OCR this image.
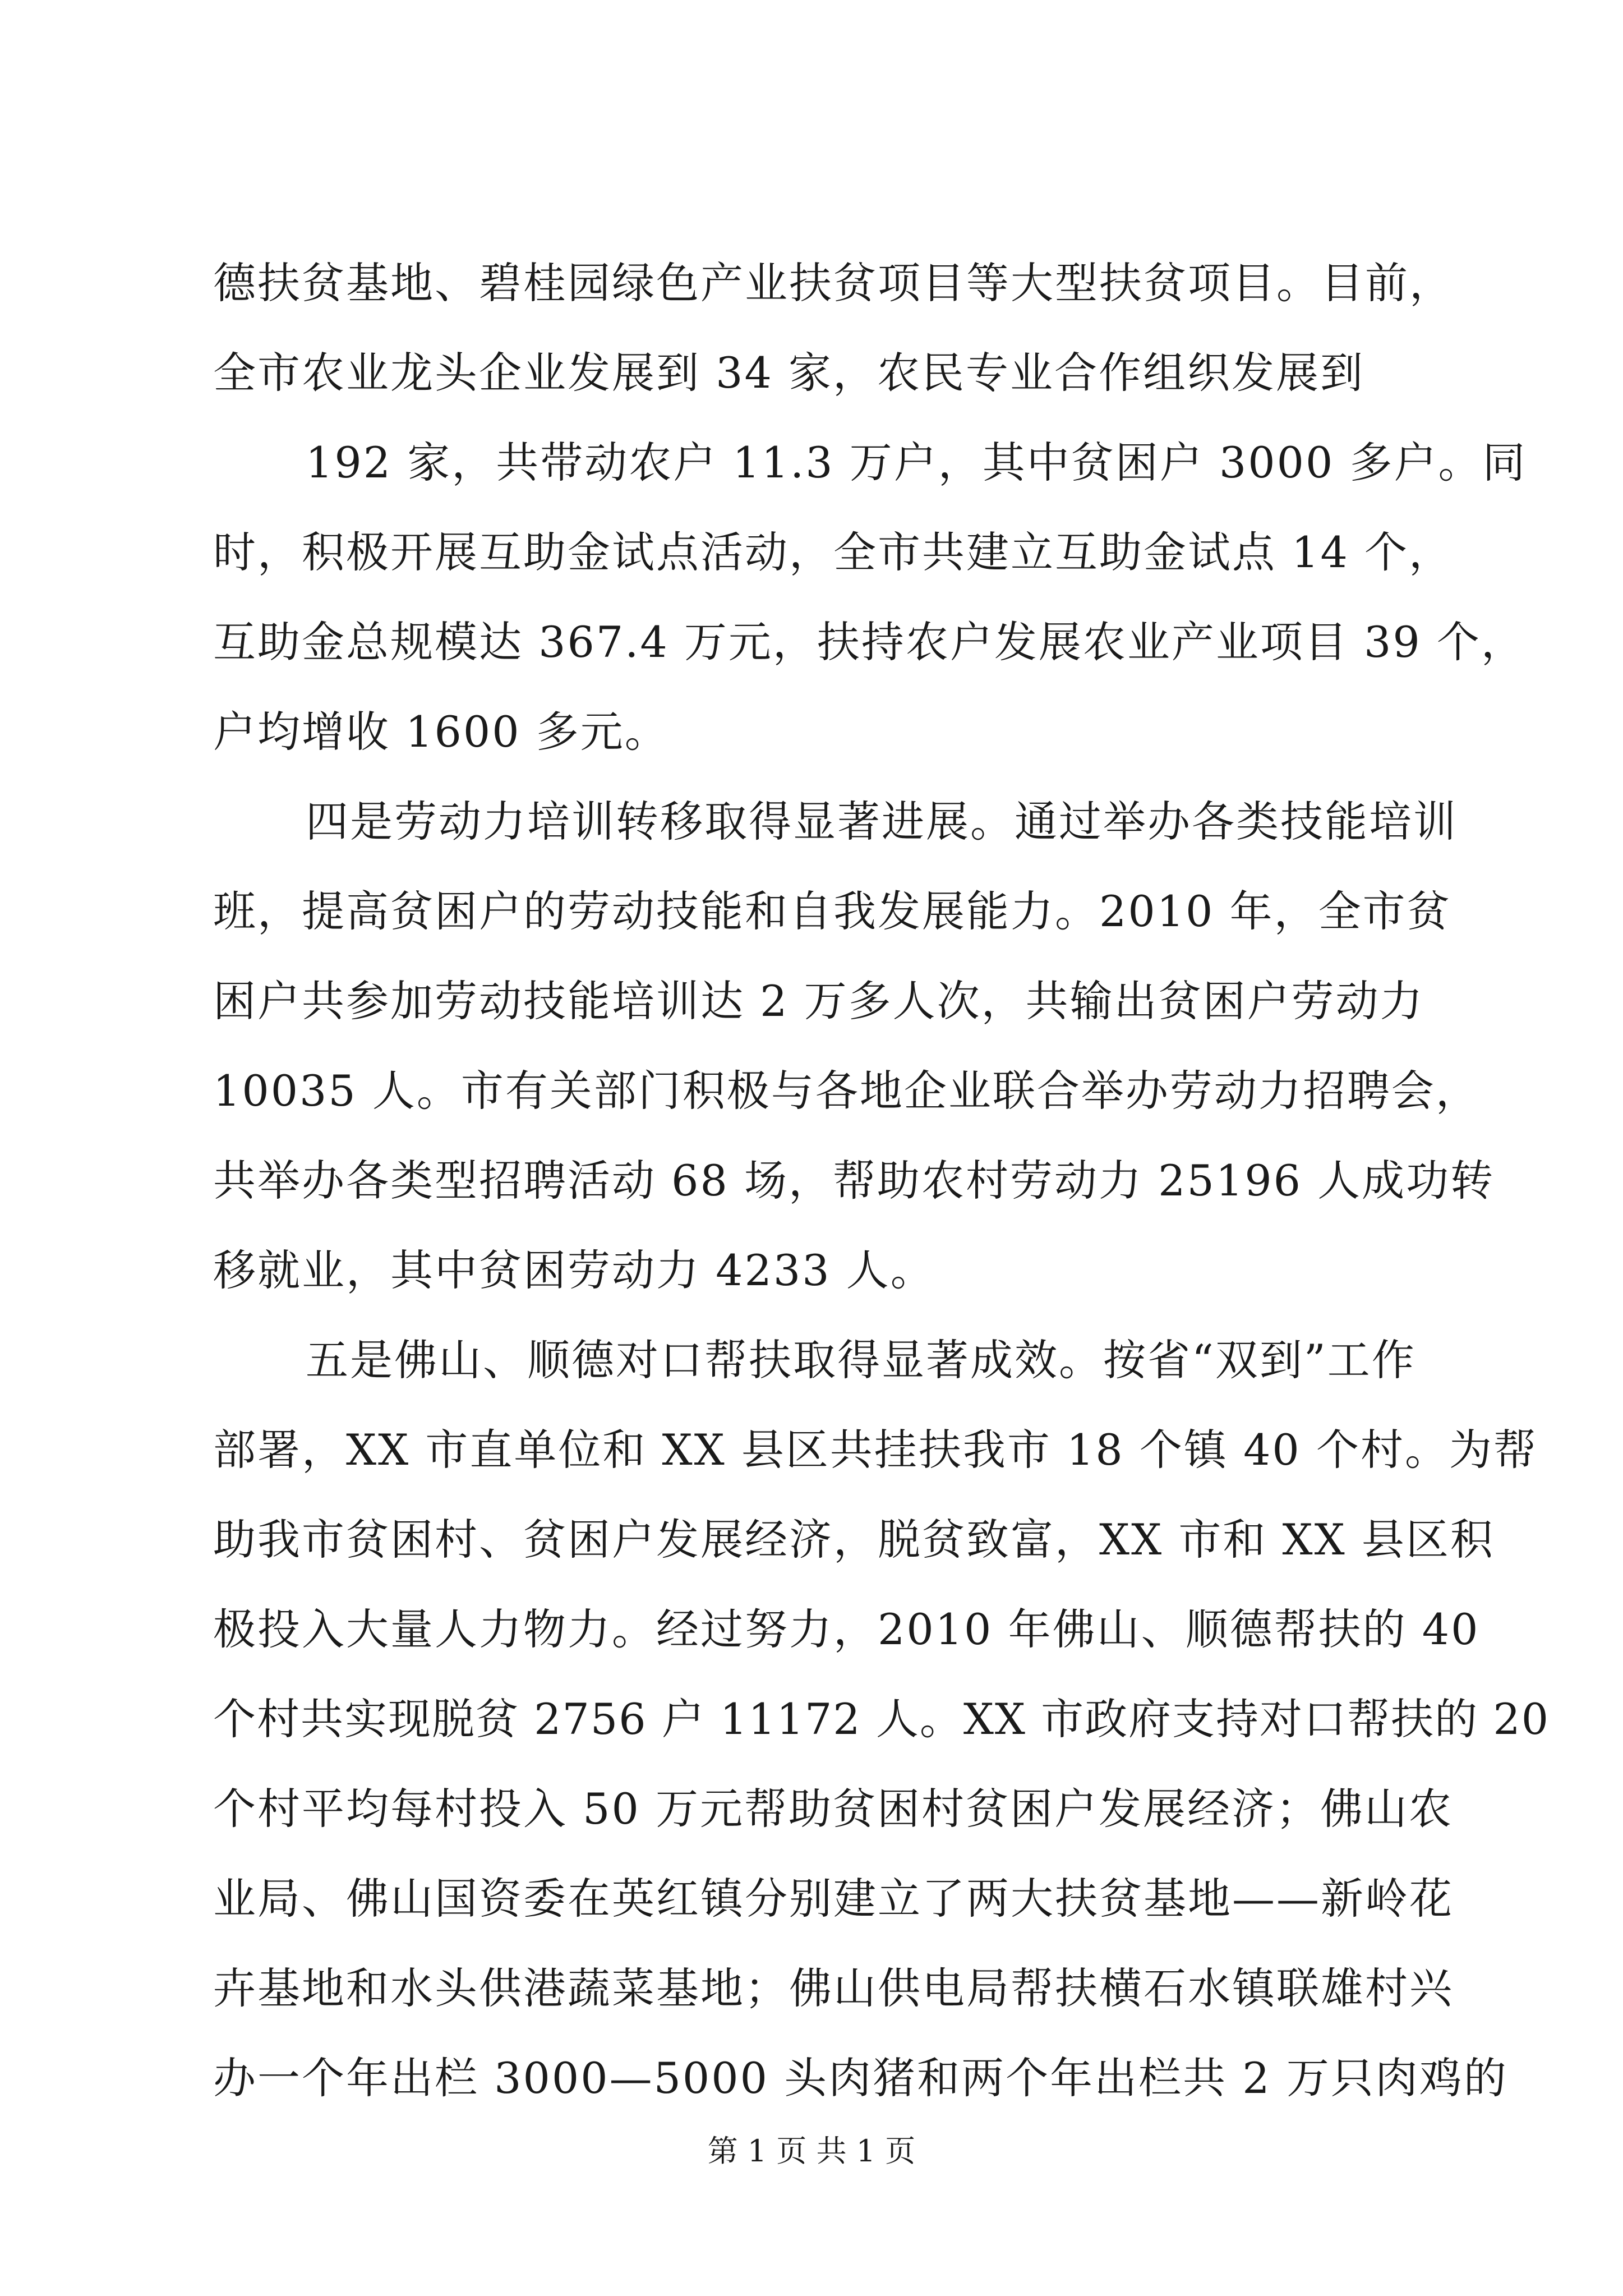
德扶贫基地、碧桂园绿色产业扶贫项目等大型扶贫项目。目前，
全市农业龙头企业发展到 34 家，农民专业合作组织发展到
192 家，共带动农户 11.3 万户，其中贫困户 3000 多户。同
时，积极开展互助金试点活动，全市共建立互助金试点 14 个，
互助金总规模达 367.4 万元，扶持农户发展农业产业项目 39 个，
户均增收 1600 多元。
四是劳动力培训转移取得显著进展。通过举办各类技能培训
班，提高贫困户的劳动技能和自我发展能力。2010 年，全市贫
困户共参加劳动技能培训达 2 万多人次，共输出贫困户劳动力
10035 人。市有关部门积极与各地企业联合举办劳动力招聘会，
共举办各类型招聘活动 68 场，帮助农村劳动力 25196 人成功转
移就业，其中贫困劳动力 4233 人。
五是佛山、顺德对口帮扶取得显著成效。按省“双到”工作
部署，XX 市直单位和 XX 县区共挂扶我市 18 个镇 40 个村。为帮
助我市贫困村、贫困户发展经济，脱贫致富，XX 市和 XX 县区积
极投入大量人力物力。经过努力，2010 年佛山、顺德帮扶的 40
个村共实现脱贫 2756 户 11172 人。XX 市政府支持对口帮扶的 20
个村平均每村投入 50 万元帮助贫困村贫困户发展经济；佛山农
业局、佛山国资委在英红镇分别建立了两大扶贫基地——新岭花
卉基地和水头供港蔬菜基地；佛山供电局帮扶横石水镇联雄村兴
办一个年出栏 3000—5000 头肉猪和两个年出栏共 2 万只肉鸡的
第 1 页 共 1 页
